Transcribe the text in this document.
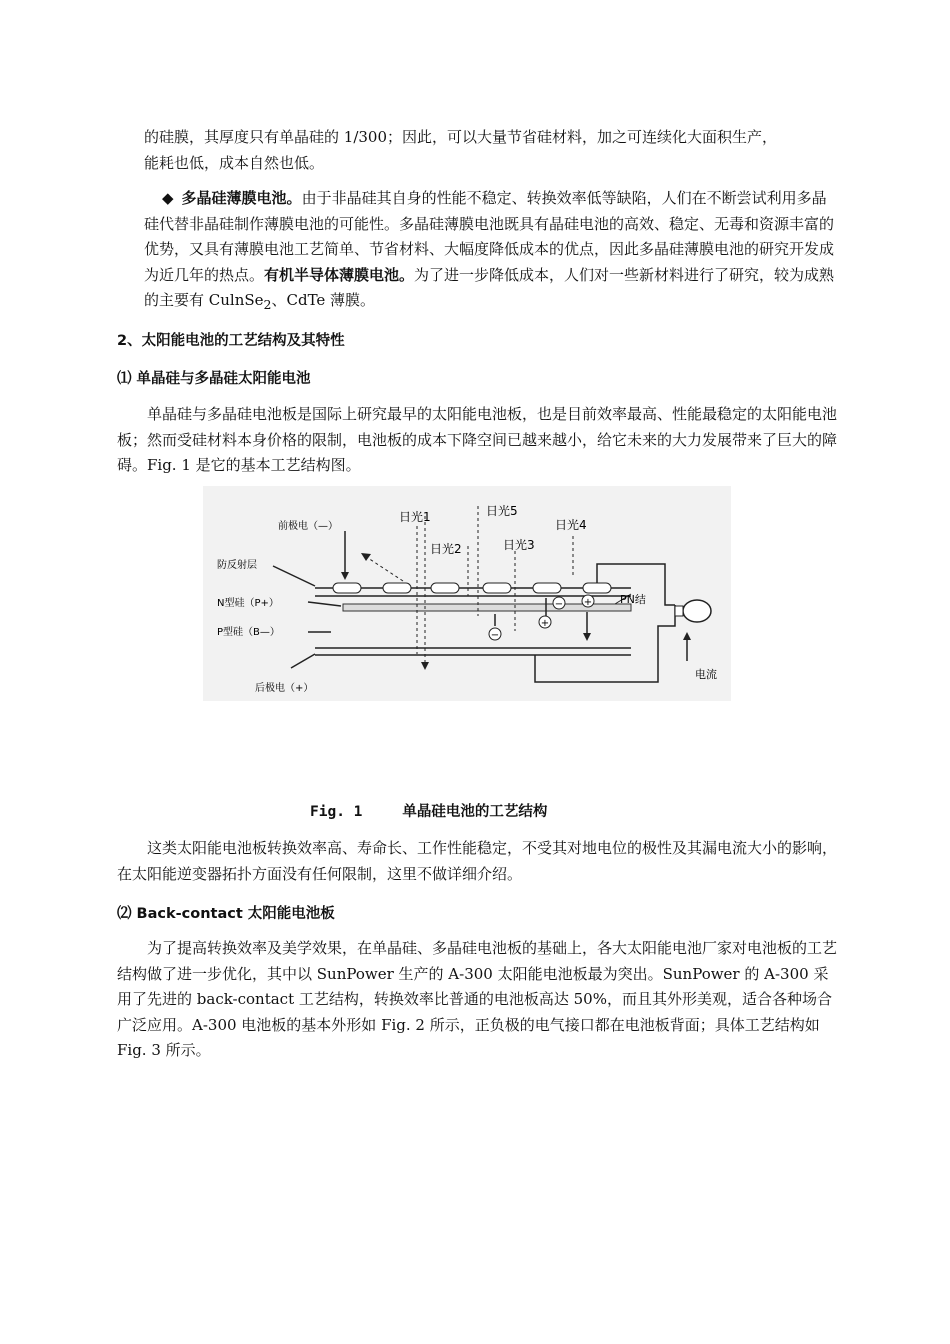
的硅膜，其厚度只有单晶硅的 1/300；因此，可以大量节省硅材料，加之可连续化大面积生产，

能耗也低，成本自然也低。

◆ 多晶硅薄膜电池。由于非晶硅其自身的性能不稳定、转换效率低等缺陷，人们在不断尝试利用多晶硅代替非晶硅制作薄膜电池的可能性。多晶硅薄膜电池既具有晶硅电池的高效、稳定、无毒和资源丰富的优势，又具有薄膜电池工艺简单、节省材料、大幅度降低成本的优点，因此多晶硅薄膜电池的研究开发成为近几年的热点。有机半导体薄膜电池。为了进一步降低成本，人们对一些新材料进行了研究，较为成熟的主要有 CulnSe$_2$、CdTe 薄膜。

2、太阳能电池的工艺结构及其特性
⑴ 单晶硅与多晶硅太阳能电池

单晶硅与多晶硅电池板是国际上研究最早的太阳能电池板，也是目前效率最高、性能最稳定的太阳能电池板；然而受硅材料本身价格的限制，电池板的成本下降空间已越来越小，给它未来的大力发展带来了巨大的障碍。Fig. 1 是它的基本工艺结构图。

−
+
− +
前极电（—）
防反射层
N型硅（P+）
P型硅（B—）
后极电（+）
日光1
日光2
日光5
日光3
日光4
PN结
电流
Fig. 1	单晶硅电池的工艺结构

这类太阳能电池板转换效率高、寿命长、工作性能稳定，不受其对地电位的极性及其漏电流大小的影响，在太阳能逆变器拓扑方面没有任何限制，这里不做详细介绍。

⑵ Back-contact 太阳能电池板

为了提高转换效率及美学效果，在单晶硅、多晶硅电池板的基础上，各大太阳能电池厂家对电池板的工艺结构做了进一步优化，其中以 SunPower 生产的 A-300 太阳能电池板最为突出。SunPower 的 A-300 采用了先进的 back-contact 工艺结构，转换效率比普通的电池板高达 50%，而且其外形美观，适合各种场合广泛应用。A-300 电池板的基本外形如 Fig. 2 所示，正负极的电气接口都在电池板背面；具体工艺结构如 Fig. 3 所示。
